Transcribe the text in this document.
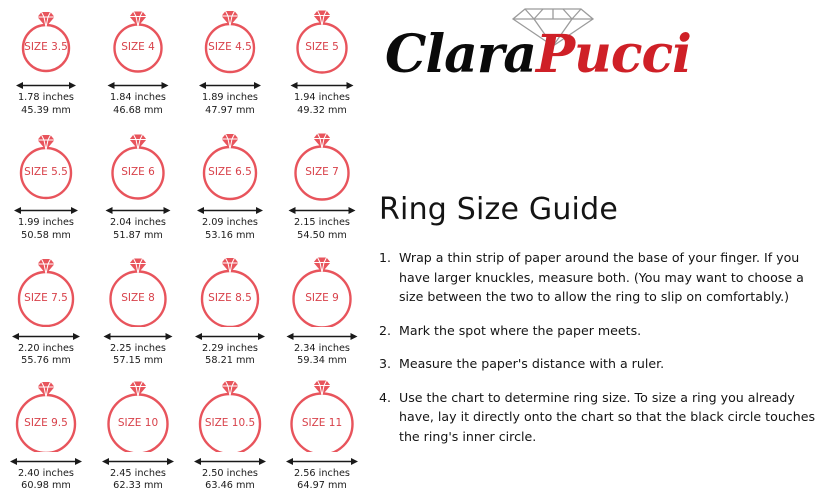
SIZE 3.5
1.78 inches
45.39 mm
SIZE 4
1.84 inches
46.68 mm
SIZE 4.5
1.89 inches
47.97 mm
SIZE 5
1.94 inches
49.32 mm
SIZE 5.5
1.99 inches
50.58 mm
SIZE 6
2.04 inches
51.87 mm
SIZE 6.5
2.09 inches
53.16 mm
SIZE 7
2.15 inches
54.50 mm
SIZE 7.5
2.20 inches
55.76 mm
SIZE 8
2.25 inches
57.15 mm
SIZE 8.5
2.29 inches
58.21 mm
SIZE 9
2.34 inches
59.34 mm
SIZE 9.5
2.40 inches
60.98 mm
SIZE 10
2.45 inches
62.33 mm
SIZE 10.5
2.50 inches
63.46 mm
SIZE 11
2.56 inches
64.97 mm
ClaraPucci
Ring Size Guide
1. Wrap a thin strip of paper around the base of your finger. If you have larger knuckles, measure both. (You may want to choose a size between the two to allow the ring to slip on comfortably.)
2. Mark the spot where the paper meets.
3. Measure the paper's distance with a ruler.
4. Use the chart to determine ring size. To size a ring you already have, lay it directly onto the chart so that the black circle touches the ring's inner circle.
